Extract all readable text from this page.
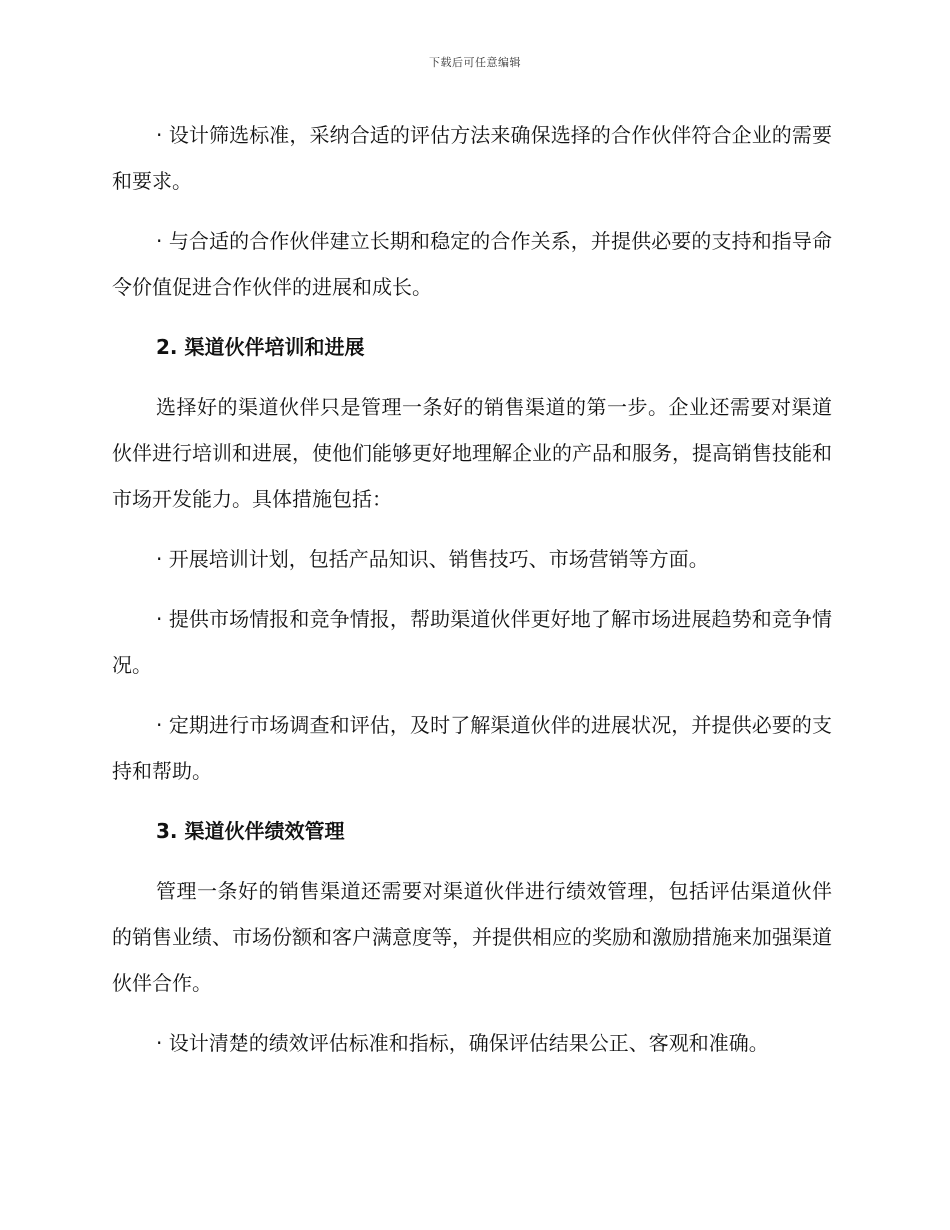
下载后可任意编辑

· 设计筛选标准，采纳合适的评估方法来确保选择的合作伙伴符合企业的需要和要求。

· 与合适的合作伙伴建立长期和稳定的合作关系，并提供必要的支持和指导命令价值促进合作伙伴的进展和成长。

2. 渠道伙伴培训和进展

选择好的渠道伙伴只是管理一条好的销售渠道的第一步。企业还需要对渠道伙伴进行培训和进展，使他们能够更好地理解企业的产品和服务，提高销售技能和市场开发能力。具体措施包括：

· 开展培训计划，包括产品知识、销售技巧、市场营销等方面。

· 提供市场情报和竞争情报，帮助渠道伙伴更好地了解市场进展趋势和竞争情况。

· 定期进行市场调查和评估，及时了解渠道伙伴的进展状况，并提供必要的支持和帮助。

3. 渠道伙伴绩效管理

管理一条好的销售渠道还需要对渠道伙伴进行绩效管理，包括评估渠道伙伴的销售业绩、市场份额和客户满意度等，并提供相应的奖励和激励措施来加强渠道伙伴合作。

· 设计清楚的绩效评估标准和指标，确保评估结果公正、客观和准确。
